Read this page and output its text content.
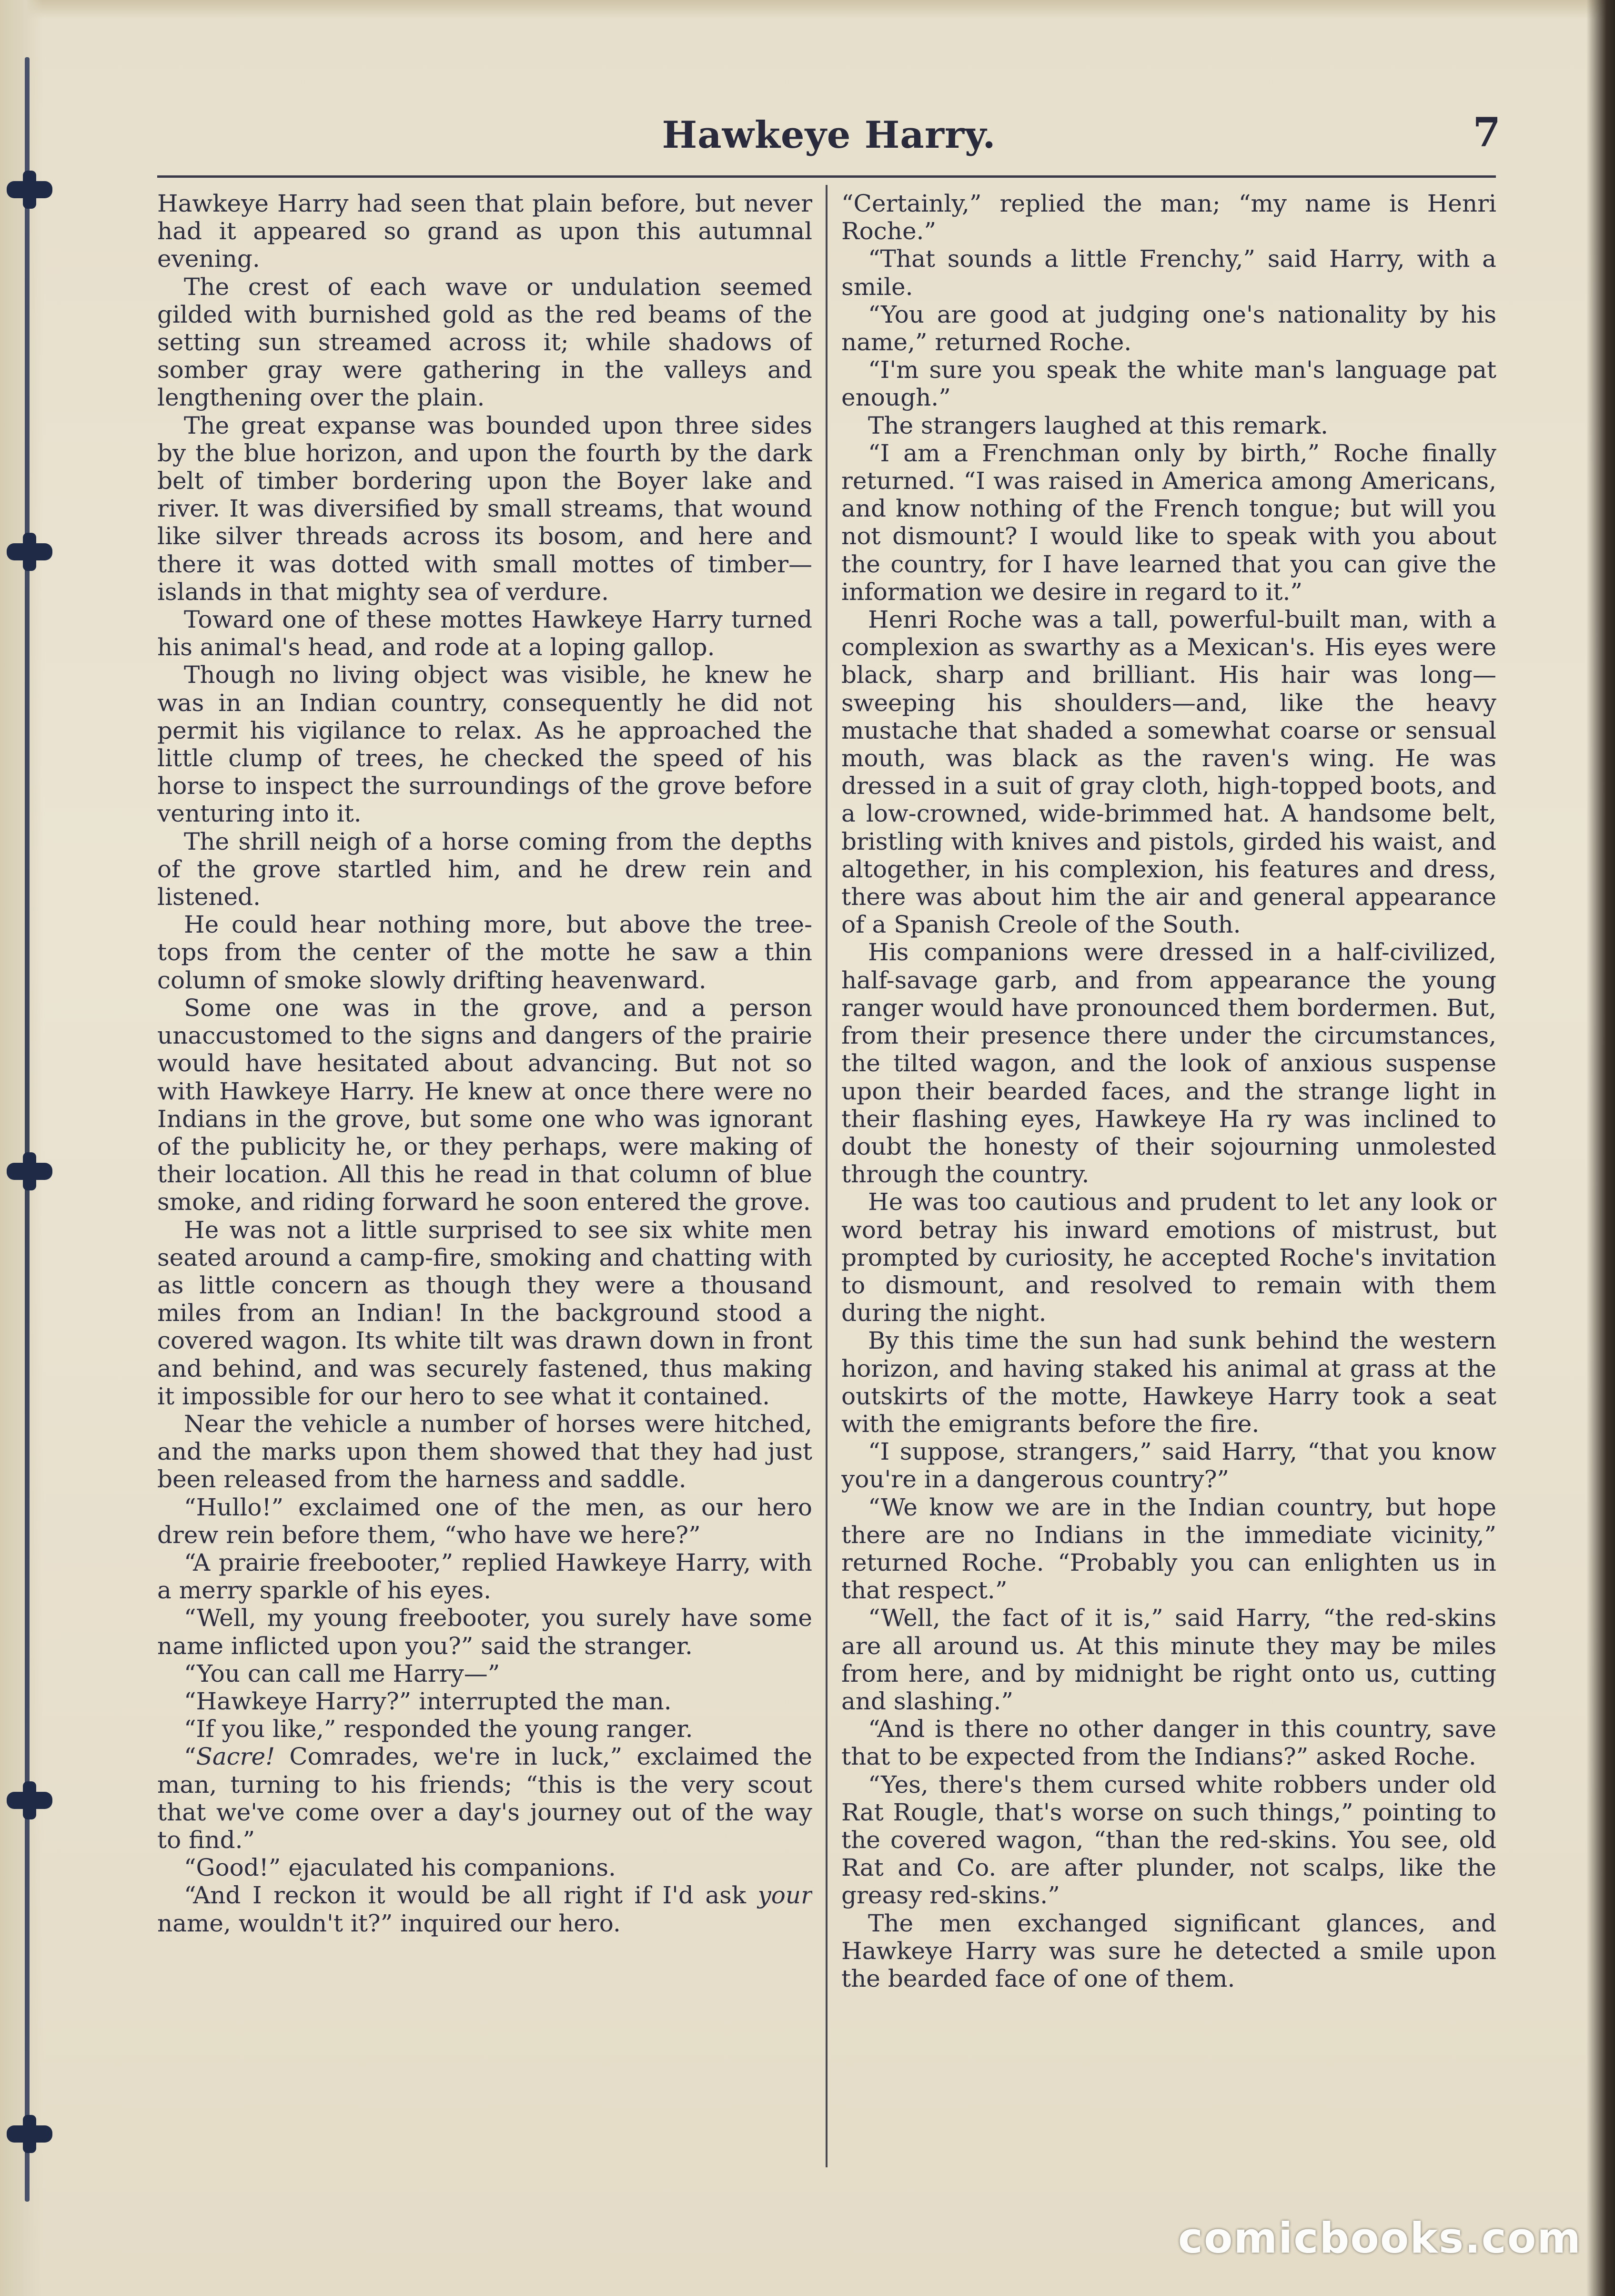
Hawkeye Harry.	7

Hawkeye Harry had seen that plain before, but never had it appeared so grand as upon this autumnal evening.

The crest of each wave or undulation seemed gilded with burnished gold as the red beams of the setting sun streamed across it; while shadows of somber gray were gathering in the valleys and lengthening over the plain.

The great expanse was bounded upon three sides by the blue horizon, and upon the fourth by the dark belt of timber bordering upon the Boyer lake and river. It was diversified by small streams, that wound like silver threads across its bosom, and here and there it was dotted with small mottes of timber—islands in that mighty sea of verdure.

Toward one of these mottes Hawkeye Harry turned his animal's head, and rode at a loping gallop.

Though no living object was visible, he knew he was in an Indian country, consequently he did not permit his vigilance to relax. As he approached the little clump of trees, he checked the speed of his horse to inspect the surroundings of the grove before venturing into it.

The shrill neigh of a horse coming from the depths of the grove startled him, and he drew rein and listened.

He could hear nothing more, but above the tree-tops from the center of the motte he saw a thin column of smoke slowly drifting heavenward.

Some one was in the grove, and a person unaccustomed to the signs and dangers of the prairie would have hesitated about advancing. But not so with Hawkeye Harry. He knew at once there were no Indians in the grove, but some one who was ignorant of the publicity he, or they perhaps, were making of their location. All this he read in that column of blue smoke, and riding forward he soon entered the grove.

He was not a little surprised to see six white men seated around a camp-fire, smoking and chatting with as little concern as though they were a thousand miles from an Indian! In the background stood a covered wagon. Its white tilt was drawn down in front and behind, and was securely fastened, thus making it impossible for our hero to see what it contained.

Near the vehicle a number of horses were hitched, and the marks upon them showed that they had just been released from the harness and saddle.

“Hullo!” exclaimed one of the men, as our hero drew rein before them, “who have we here?”

“A prairie freebooter,” replied Hawkeye Harry, with a merry sparkle of his eyes.

“Well, my young freebooter, you surely have some name inflicted upon you?” said the stranger.

“You can call me Harry—”

“Hawkeye Harry?” interrupted the man.

“If you like,” responded the young ranger.

“Sacre! Comrades, we're in luck,” exclaimed the man, turning to his friends; “this is the very scout that we've come over a day's journey out of the way to find.”

“Good!” ejaculated his companions.

“And I reckon it would be all right if I'd ask your name, wouldn't it?” inquired our hero.

“Certainly,” replied the man; “my name is Henri Roche.”

“That sounds a little Frenchy,” said Harry, with a smile.

“You are good at judging one's nationality by his name,” returned Roche.

“I'm sure you speak the white man's language pat enough.”

The strangers laughed at this remark.

“I am a Frenchman only by birth,” Roche finally returned. “I was raised in America among Americans, and know nothing of the French tongue; but will you not dismount? I would like to speak with you about the country, for I have learned that you can give the information we desire in regard to it.”

Henri Roche was a tall, powerful-built man, with a complexion as swarthy as a Mexican's. His eyes were black, sharp and brilliant. His hair was long—sweeping his shoulders—and, like the heavy mustache that shaded a somewhat coarse or sensual mouth, was black as the raven's wing. He was dressed in a suit of gray cloth, high-topped boots, and a low-crowned, wide-brimmed hat. A handsome belt, bristling with knives and pistols, girded his waist, and altogether, in his complexion, his features and dress, there was about him the air and general appearance of a Spanish Creole of the South.

His companions were dressed in a half-civilized, half-savage garb, and from appearance the young ranger would have pronounced them bordermen. But, from their presence there under the circumstances, the tilted wagon, and the look of anxious suspense upon their bearded faces, and the strange light in their flashing eyes, Hawkeye Ha ry was inclined to doubt the honesty of their sojourning unmolested through the country.

He was too cautious and prudent to let any look or word betray his inward emotions of mistrust, but prompted by curiosity, he accepted Roche's invitation to dismount, and resolved to remain with them during the night.

By this time the sun had sunk behind the western horizon, and having staked his animal at grass at the outskirts of the motte, Hawkeye Harry took a seat with the emigrants before the fire.

“I suppose, strangers,” said Harry, “that you know you're in a dangerous country?”

“We know we are in the Indian country, but hope there are no Indians in the immediate vicinity,” returned Roche. “Probably you can enlighten us in that respect.”

“Well, the fact of it is,” said Harry, “the red-skins are all around us. At this minute they may be miles from here, and by midnight be right onto us, cutting and slashing.”

“And is there no other danger in this country, save that to be expected from the Indians?” asked Roche.

“Yes, there's them cursed white robbers under old Rat Rougle, that's worse on such things,” pointing to the covered wagon, “than the red-skins. You see, old Rat and Co. are after plunder, not scalps, like the greasy red-skins.”

The men exchanged significant glances, and Hawkeye Harry was sure he detected a smile upon the bearded face of one of them.

comicbooks.com
